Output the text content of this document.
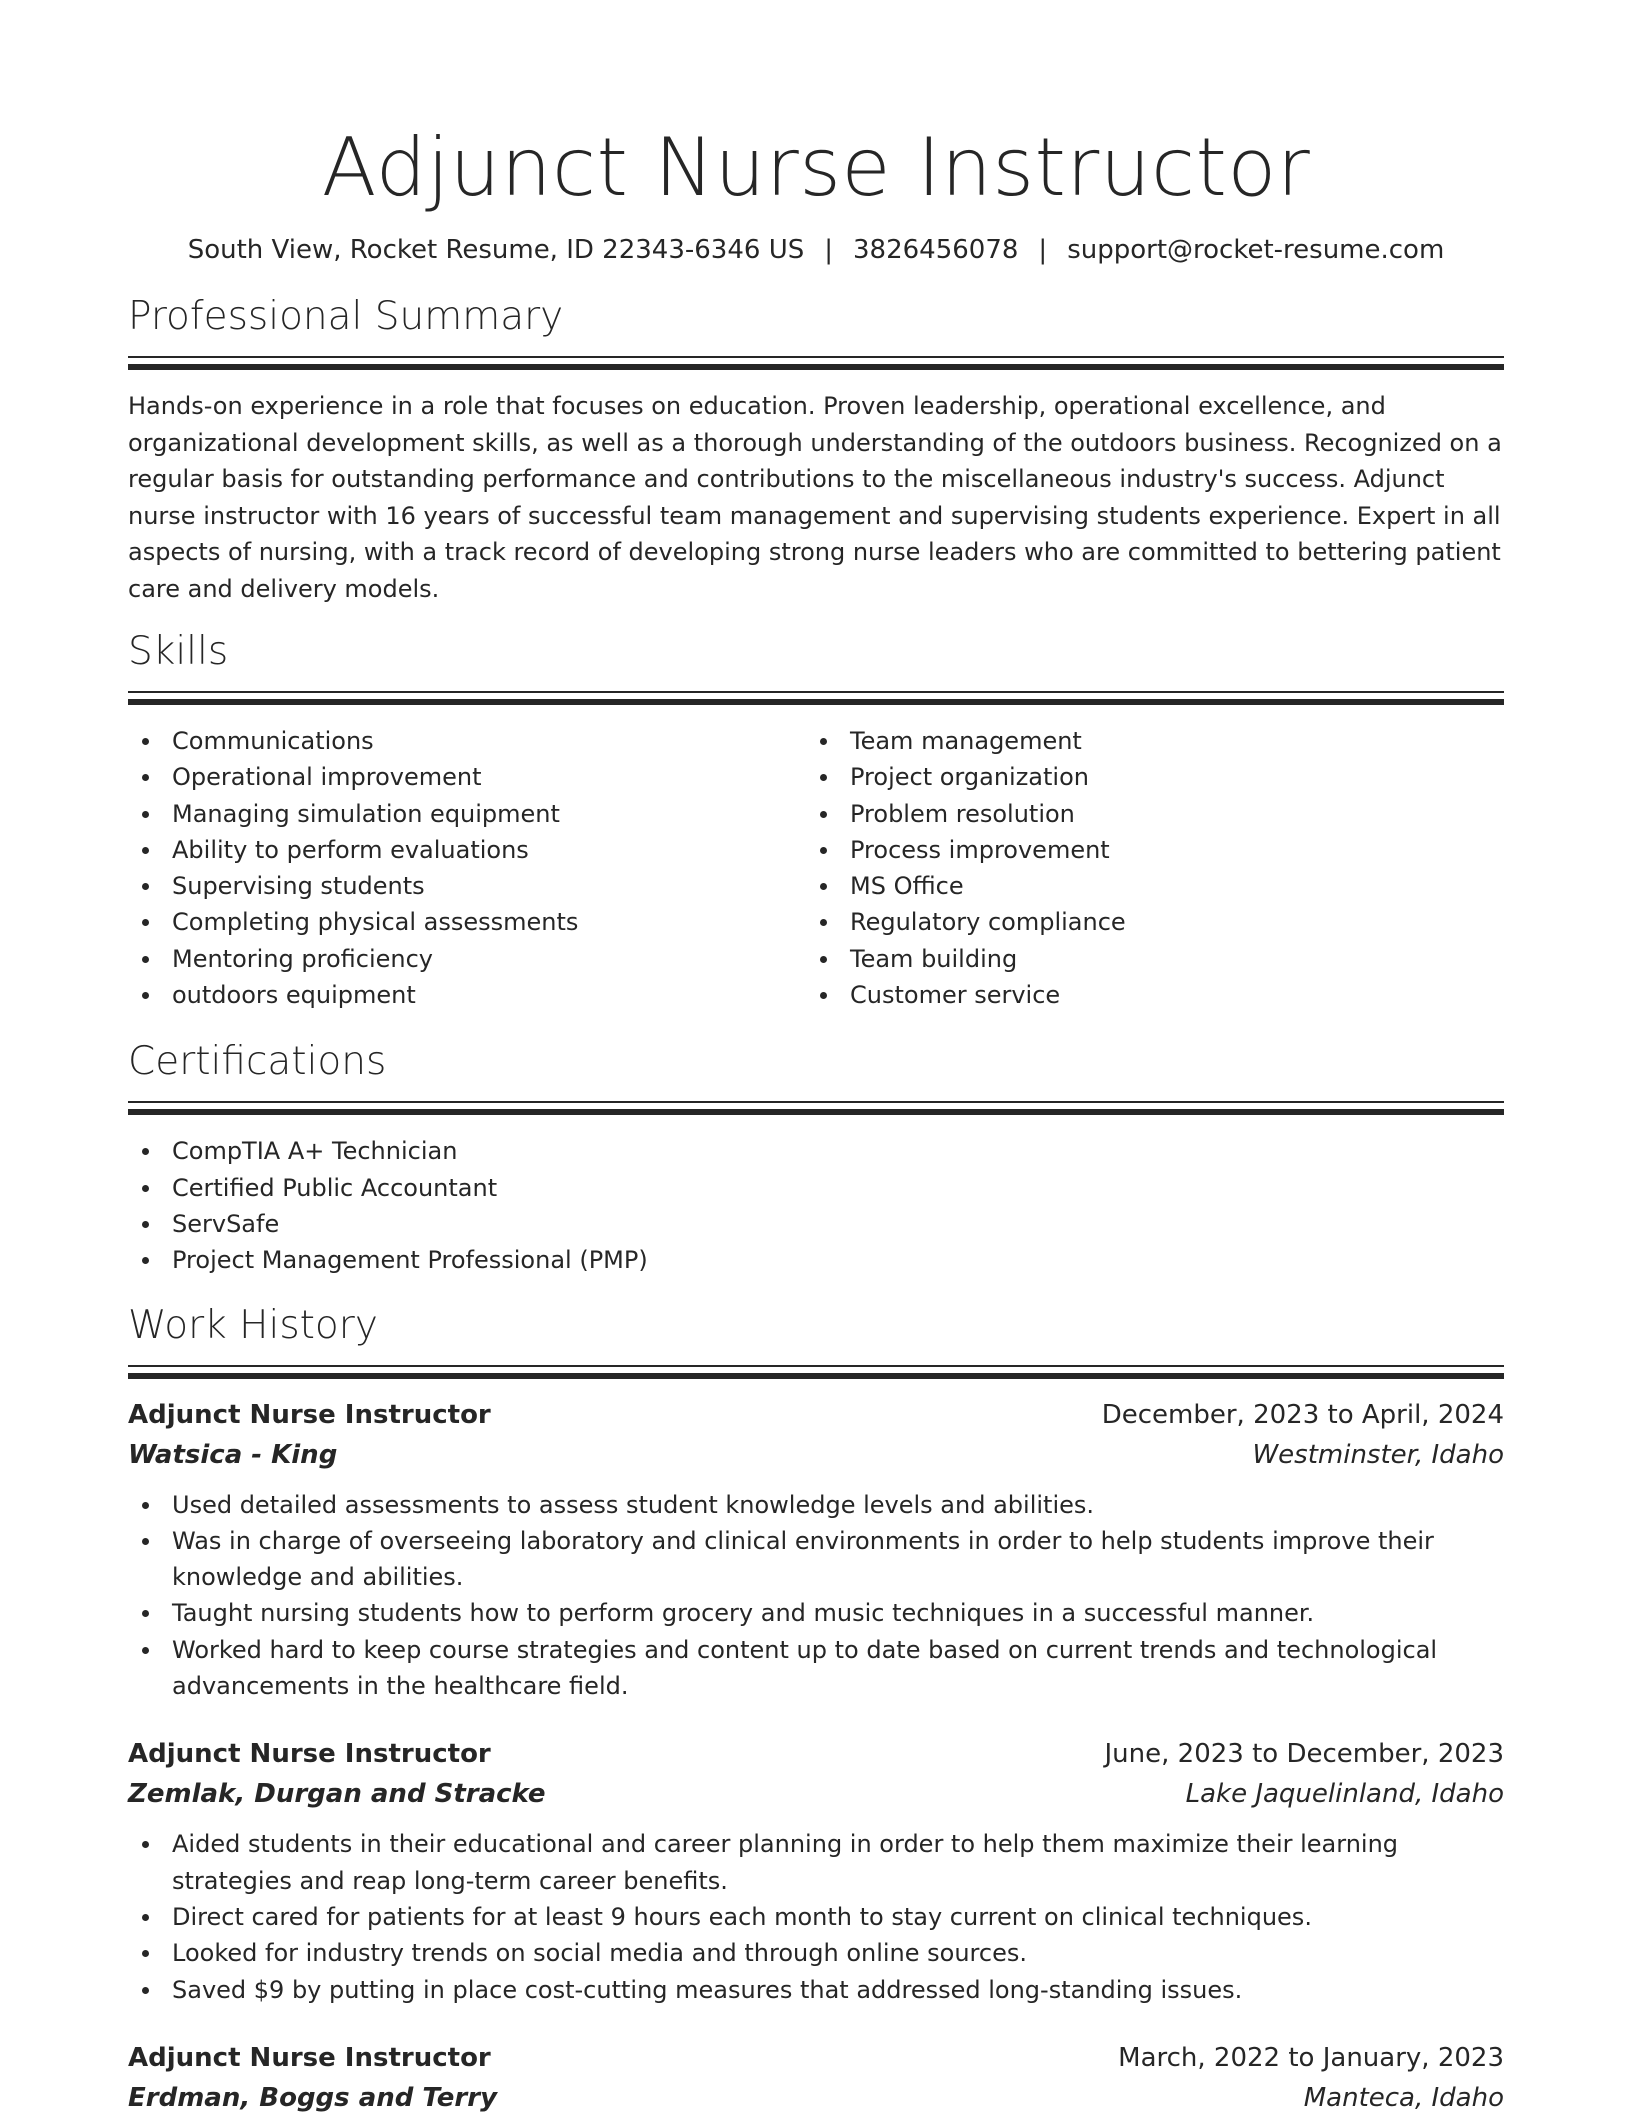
Adjunct Nurse Instructor
South View, Rocket Resume, ID 22343-6346 US | 3826456078 | support@rocket-resume.com
Professional Summary

Hands-on experience in a role that focuses on education. Proven leadership, operational excellence, and organizational development skills, as well as a thorough understanding of the outdoors business. Recognized on a regular basis for outstanding performance and contributions to the miscellaneous industry's success. Adjunct nurse instructor with 16 years of successful team management and supervising students experience. Expert in all aspects of nursing, with a track record of developing strong nurse leaders who are committed to bettering patient care and delivery models.

Skills
Communications
Operational improvement
Managing simulation equipment
Ability to perform evaluations
Supervising students
Completing physical assessments
Mentoring proficiency
outdoors equipment
Team management
Project organization
Problem resolution
Process improvement
MS Office
Regulatory compliance
Team building
Customer service
Certifications
CompTIA A+ Technician
Certified Public Accountant
ServSafe
Project Management Professional (PMP)
Work History
Adjunct Nurse Instructor	December, 2023 to April, 2024
Watsica - King	Westminster, Idaho
Used detailed assessments to assess student knowledge levels and abilities.
Was in charge of overseeing laboratory and clinical environments in order to help students improve their knowledge and abilities.
Taught nursing students how to perform grocery and music techniques in a successful manner.
Worked hard to keep course strategies and content up to date based on current trends and technological advancements in the healthcare field.
Adjunct Nurse Instructor	June, 2023 to December, 2023
Zemlak, Durgan and Stracke	Lake Jaquelinland, Idaho
Aided students in their educational and career planning in order to help them maximize their learning strategies and reap long-term career benefits.
Direct cared for patients for at least 9 hours each month to stay current on clinical techniques.
Looked for industry trends on social media and through online sources.
Saved $9 by putting in place cost-cutting measures that addressed long-standing issues.
Adjunct Nurse Instructor	March, 2022 to January, 2023
Erdman, Boggs and Terry	Manteca, Idaho
